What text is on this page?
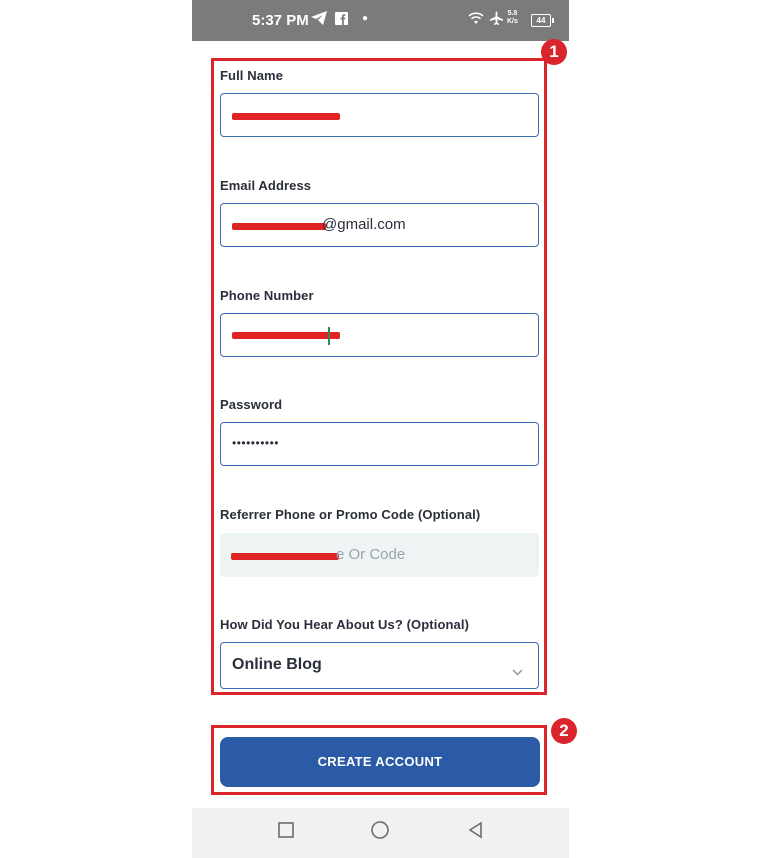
5:37 PM	●	5.8
K/s	44
Full Name
Email Address
@gmail.com
Phone Number
Password
••••••••••
Referrer Phone or Promo Code (Optional)
e Or Code
How Did You Hear About Us? (Optional)
Online Blog
CREATE ACCOUNT
1
2
